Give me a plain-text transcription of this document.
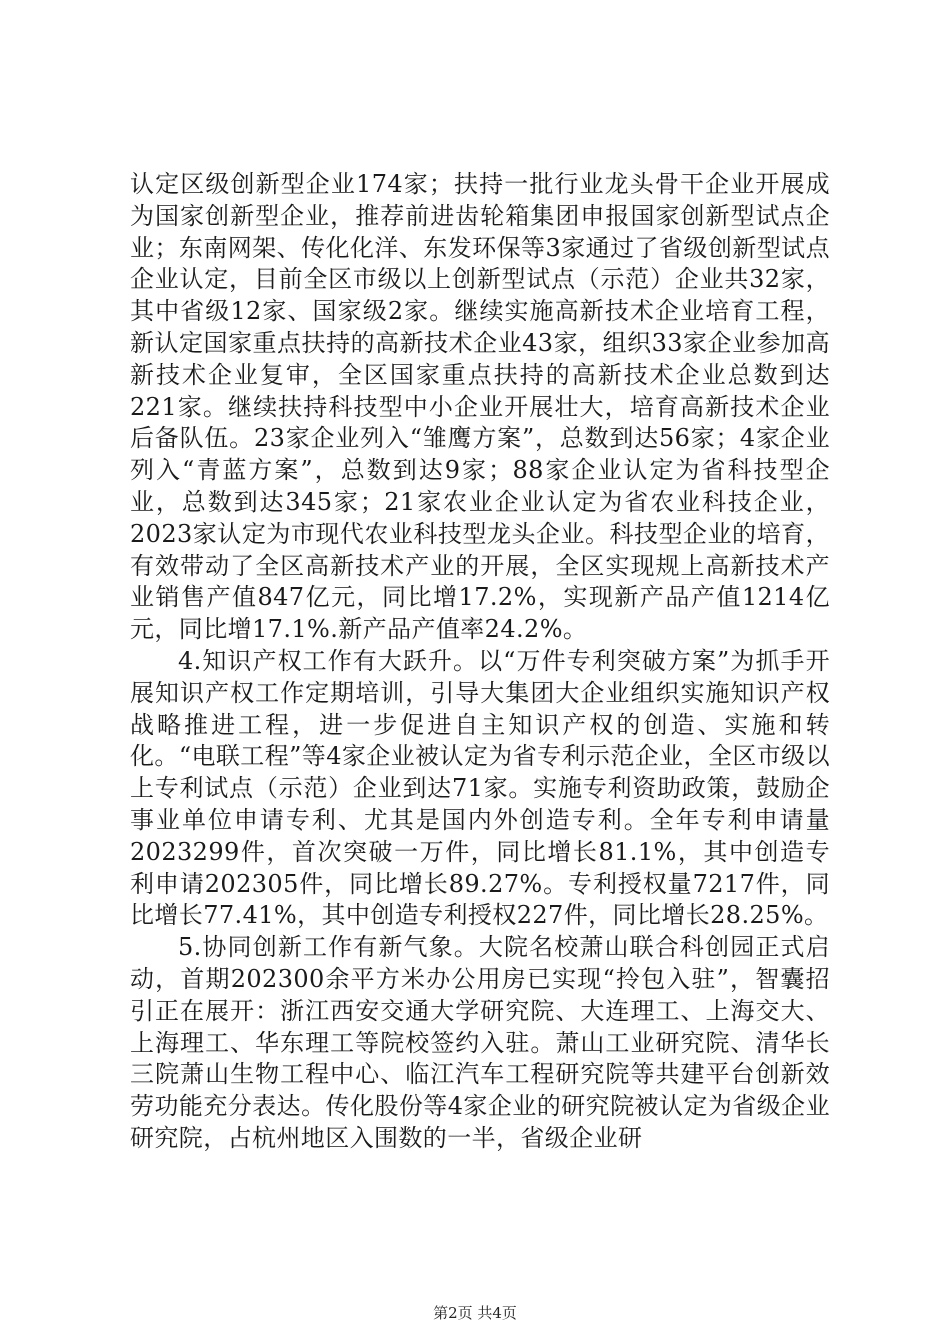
认定区级创新型企业174家；扶持一批行业龙头骨干企业开展成为国家创新型企业，推荐前进齿轮箱集团申报国家创新型试点企业；东南网架、传化化洋、东发环保等3家通过了省级创新型试点企业认定，目前全区市级以上创新型试点（示范）企业共32家，其中省级12家、国家级2家。继续实施高新技术企业培育工程，新认定国家重点扶持的高新技术企业43家，组织33家企业参加高新技术企业复审，全区国家重点扶持的高新技术企业总数到达221家。继续扶持科技型中小企业开展壮大，培育高新技术企业后备队伍。23家企业列入“雏鹰方案”，总数到达56家；4家企业列入“青蓝方案”，总数到达9家；88家企业认定为省科技型企业，总数到达345家；21家农业企业认定为省农业科技企业，2023家认定为市现代农业科技型龙头企业。科技型企业的培育，有效带动了全区高新技术产业的开展，全区实现规上高新技术产业销售产值847亿元，同比增17.2%，实现新产品产值1214亿元，同比增17.1%.新产品产值率24.2%。

4.知识产权工作有大跃升。以“万件专利突破方案”为抓手开展知识产权工作定期培训，引导大集团大企业组织实施知识产权战略推进工程，进一步促进自主知识产权的创造、实施和转化。“电联工程”等4家企业被认定为省专利示范企业，全区市级以上专利试点（示范）企业到达71家。实施专利资助政策，鼓励企事业单位申请专利、尤其是国内外创造专利。全年专利申请量2023299件，首次突破一万件，同比增长81.1%，其中创造专利申请202305件，同比增长89.27%。专利授权量7217件，同比增长77.41%，其中创造专利授权227件，同比增长28.25%。

5.协同创新工作有新气象。大院名校萧山联合科创园正式启动，首期202300余平方米办公用房已实现“拎包入驻”，智囊招引正在展开：浙江西安交通大学研究院、大连理工、上海交大、上海理工、华东理工等院校签约入驻。萧山工业研究院、清华长三院萧山生物工程中心、临江汽车工程研究院等共建平台创新效劳功能充分表达。传化股份等4家企业的研究院被认定为省级企业研究院，占杭州地区入围数的一半，省级企业研

第2页 共4页
